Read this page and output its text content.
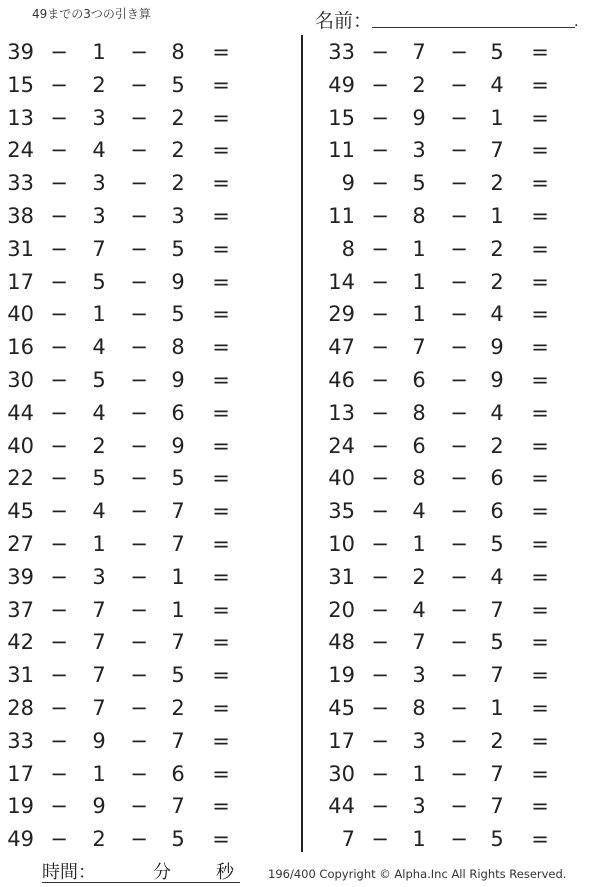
49までの3つの引き算	名前：	.
39 − 1 − 8 =
15 − 2 − 5 =
13 − 3 − 2 =
24 − 4 − 2 =
33 − 3 − 2 =
38 − 3 − 3 =
31 − 7 − 5 =
17 − 5 − 9 =
40 − 1 − 5 =
16 − 4 − 8 =
30 − 5 − 9 =
44 − 4 − 6 =
40 − 2 − 9 =
22 − 5 − 5 =
45 − 4 − 7 =
27 − 1 − 7 =
39 − 3 − 1 =
37 − 7 − 1 =
42 − 7 − 7 =
31 − 7 − 5 =
28 − 7 − 2 =
33 − 9 − 7 =
17 − 1 − 6 =
19 − 9 − 7 =
49 − 2 − 5 =
33 − 7 − 5 =
49 − 2 − 4 =
15 − 9 − 1 =
11 − 3 − 7 =
9 − 5 − 2 =
11 − 8 − 1 =
8 − 1 − 2 =
14 − 1 − 2 =
29 − 1 − 4 =
47 − 7 − 9 =
46 − 6 − 9 =
13 − 8 − 4 =
24 − 6 − 2 =
40 − 8 − 6 =
35 − 4 − 6 =
10 − 1 − 5 =
31 − 2 − 4 =
20 − 4 − 7 =
48 − 7 − 5 =
19 − 3 − 7 =
45 − 8 − 1 =
17 − 3 − 2 =
30 − 1 − 7 =
44 − 3 − 7 =
7 − 1 − 5 =
時間：	分	秒	196/400 Copyright © Alpha.Inc All Rights Reserved.
